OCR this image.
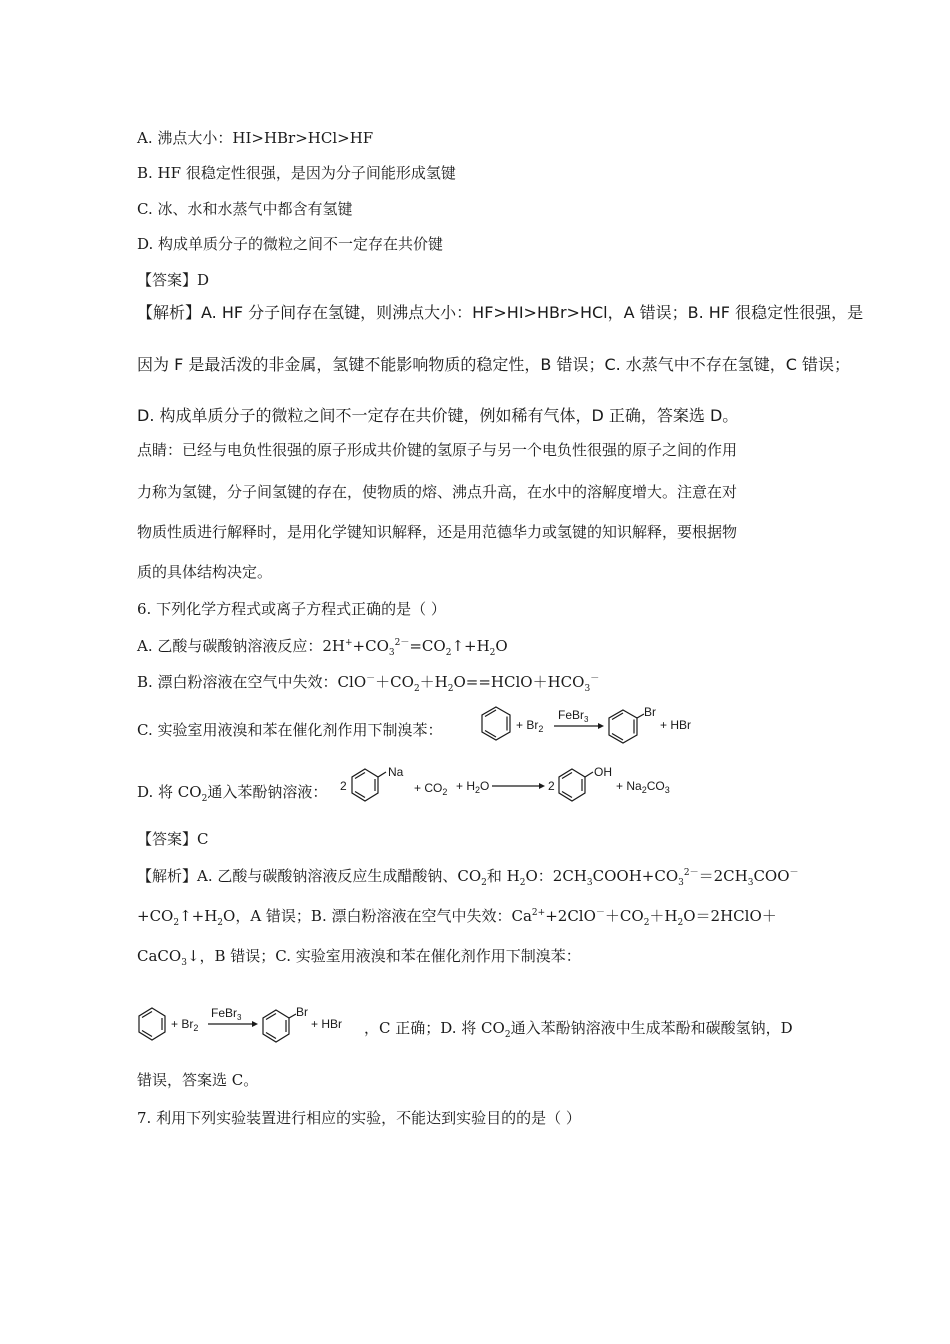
A. 沸点大小：HI>HBr>HCl>HF
B. HF 很稳定性很强，是因为分子间能形成氢键
C. 冰、水和水蒸气中都含有氢键
D. 构成单质分子的微粒之间不一定存在共价键
【答案】D
【解析】A. HF 分子间存在氢键，则沸点大小：HF>HI>HBr>HCl，A 错误；B. HF 很稳定性很强，是
因为 F 是最活泼的非金属，氢键不能影响物质的稳定性，B 错误；C. 水蒸气中不存在氢键，C 错误；
D. 构成单质分子的微粒之间不一定存在共价键，例如稀有气体，D 正确，答案选 D。
点睛：已经与电负性很强的原子形成共价键的氢原子与另一个电负性很强的原子之间的作用
力称为氢键，分子间氢键的存在，使物质的熔、沸点升高，在水中的溶解度增大。注意在对
物质性质进行解释时，是用化学键知识解释，还是用范德华力或氢键的知识解释，要根据物
质的具体结构决定。
6. 下列化学方程式或离子方程式正确的是（ ）
A. 乙酸与碳酸钠溶液反应：$2H^++CO_3^{2-}=CO_2↑+H_2O$
B. 漂白粉溶液在空气中失效：$ClO^-+CO_2+H_2O==HClO+HCO_3^-$
C. 实验室用液溴和苯在催化剂作用下制溴苯：	+ $Br_2$
FeBr$_3$
Br
+ HBr
D. 将 $CO_2$通入苯酚钠溶液： 2
Na
+ $CO_2 + H_2O$	2
OH
+ $Na_2CO_3$
【答案】C
【解析】A. 乙酸与碳酸钠溶液反应生成醋酸钠、$CO_2$和 $H_2O$：$2CH_3COOH+CO_3^{2-}=2CH_3COO^-$
$+CO_2↑+H_2O$，A 错误；B. 漂白粉溶液在空气中失效：$Ca^{2+}+2ClO^-+CO_2+H_2O=2HClO+$
CaCO$_3$↓，B 错误；C. 实验室用液溴和苯在催化剂作用下制溴苯：
+ $Br_2$
FeBr$_3$	Br
+ HBr ，C 正确；D. 将 $CO_2$通入苯酚钠溶液中生成苯酚和碳酸氢钠，D
错误，答案选 C。
7. 利用下列实验装置进行相应的实验，不能达到实验目的的是（ ）
